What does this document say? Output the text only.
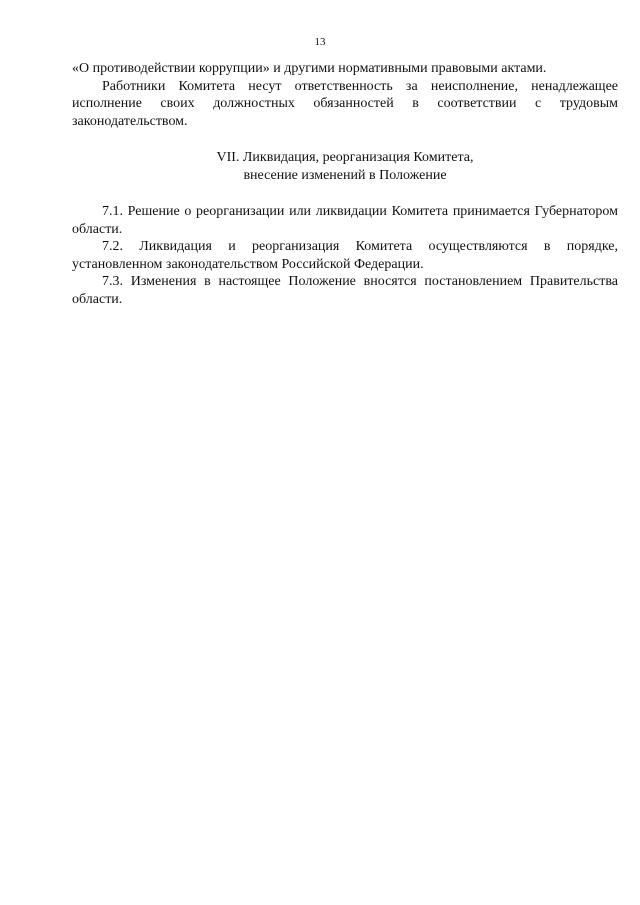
13

«О противодействии коррупции» и другими нормативными правовыми актами.

Работники Комитета несут ответственность за неисполнение, ненадлежащее исполнение своих должностных обязанностей в соответствии с трудовым законодательством.

VII. Ликвидация, реорганизация Комитета,

внесение изменений в Положение

7.1. Решение о реорганизации или ликвидации Комитета принимается Губернатором области.

7.2. Ликвидация и реорганизация Комитета осуществляются в порядке, установленном законодательством Российской Федерации.

7.3. Изменения в настоящее Положение вносятся постановлением Правительства области.
